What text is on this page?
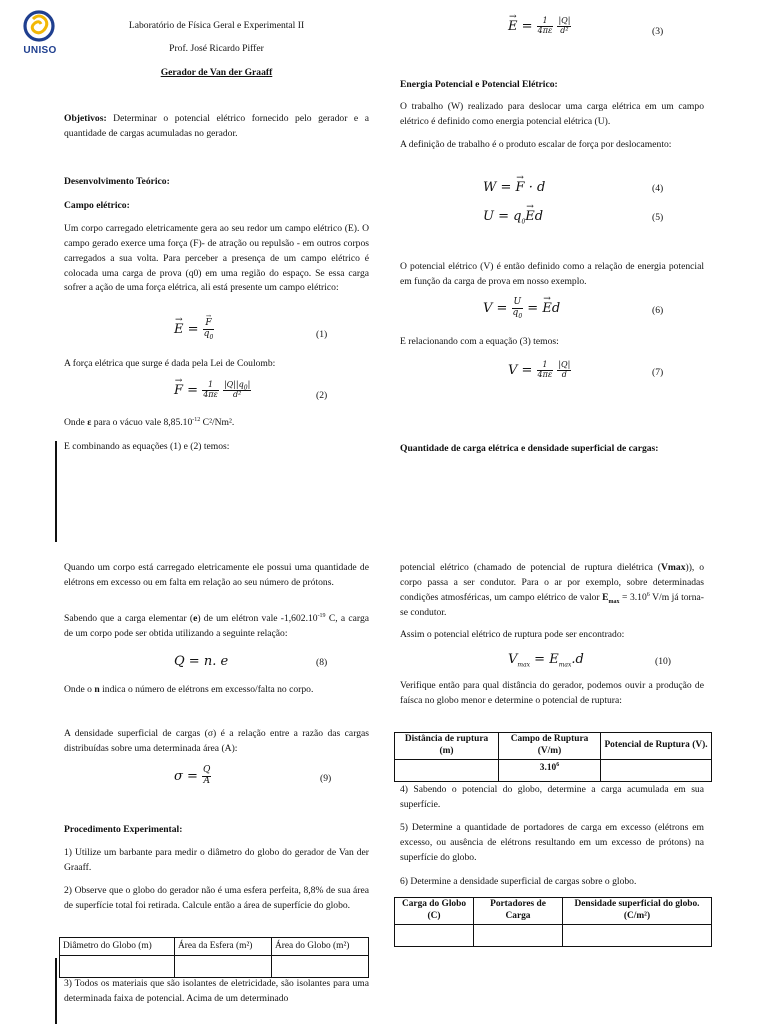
UNISO
Laboratório de Física Geral e Experimental II
Prof. José Ricardo Piffer
Gerador de Van der Graaff

Objetivos: Determinar o potencial elétrico fornecido pelo gerador e a quantidade de cargas acumuladas no gerador.

Desenvolvimento Teórico:
Campo elétrico:

Um corpo carregado eletricamente gera ao seu redor um campo elétrico (E). O campo gerado exerce uma força (F)- de atração ou repulsão - em outros corpos carregados a sua volta. Para perceber a presença de um campo elétrico é colocada uma carga de prova (q0) em uma região do espaço. Se essa carga sofrer a ação de uma força elétrica, ali está presente um campo elétrico:

→ E = → $\frac{F}{q_0}$	(1)
A força elétrica que surge é dada pela Lei de Coulomb:
→ $F = \frac{1}{4\pi\varepsilon}$
$\frac{|Q||q_0|}{\text{d²}}$	(2)
Onde ε para o vácuo vale $8,85.10^{-12}$ C²/Nm².
E combinando as equações (1) e (2) temos:
→ $E = \frac{1}{4\pi\varepsilon}$
$\frac{|Q|}{\text{d²}}$	(3)
Energia Potencial e Potencial Elétrico:

O trabalho (W) realizado para deslocar uma carga elétrica em um campo elétrico é definido como energia potencial elétrica (U).

A definição de trabalho é o produto escalar de força por deslocamento:

W = → F · d	(4)
$U = q_0\to Ed$	(5)

O potencial elétrico (V) é então definido como a relação de energia potencial em função da carga de prova em nosso exemplo.

$V = \frac{U}{q_0}$ = → Ed	(6)
E relacionando com a equação (3) temos:
$V = \frac{1}{4\pi\varepsilon}$
$\frac{|Q|}{d}$	(7)
Quantidade de carga elétrica e densidade superficial de cargas:

Quando um corpo está carregado eletricamente ele possui uma quantidade de elétrons em excesso ou em falta em relação ao seu número de prótons.

Sabendo que a carga elementar (e) de um elétron vale $-1,602.10^{-19}$ C, a carga de um corpo pode ser obtida utilizando a seguinte relação:

Q = n. e	(8)
Onde o n indica o número de elétrons em excesso/falta no corpo.

A densidade superficial de cargas (σ) é a relação entre a razão das cargas distribuídas sobre uma determinada área (A):

$\sigma = \frac{Q}{A}$	(9)
Procedimento Experimental:

1) Utilize um barbante para medir o diâmetro do globo do gerador de Van der Graaff.

2) Observe que o globo do gerador não é uma esfera perfeita, 8,8% de sua área de superfície total foi retirada. Calcule então a área de superfície do globo.

Diâmetro do Globo (m)	Área da Esfera (m²)	Área do Globo (m²)

3) Todos os materiais que são isolantes de eletricidade, são isolantes para uma determinada faixa de potencial. Acima de um determinado

potencial elétrico (chamado de potencial de ruptura dielétrica (Vmax)), o corpo passa a ser condutor. Para o ar por exemplo, sobre determinadas condições atmosféricas, um campo elétrico de valor $E_{max} = 3.10^6$ V/m já torna-se condutor.

Assim o potencial elétrico de ruptura pode ser encontrado:
$V_{max} = E_{max}.d$	(10)

Verifique então para qual distância do gerador, podemos ouvir a produção de faísca no globo menor e determine o potencial de ruptura:

Distância de ruptura (m)	Campo de Ruptura (V/m)	Potencial de Ruptura (V).
	3.10$^6$	

4) Sabendo o potencial do globo, determine a carga acumulada em sua superfície.

5) Determine a quantidade de portadores de carga em excesso (elétrons em excesso, ou ausência de elétrons resultando em um excesso de prótons) na superfície do globo.

6) Determine a densidade superficial de cargas sobre o globo.
Carga do Globo (C)	Portadores de Carga	Densidade superficial do globo. (C/m²)
